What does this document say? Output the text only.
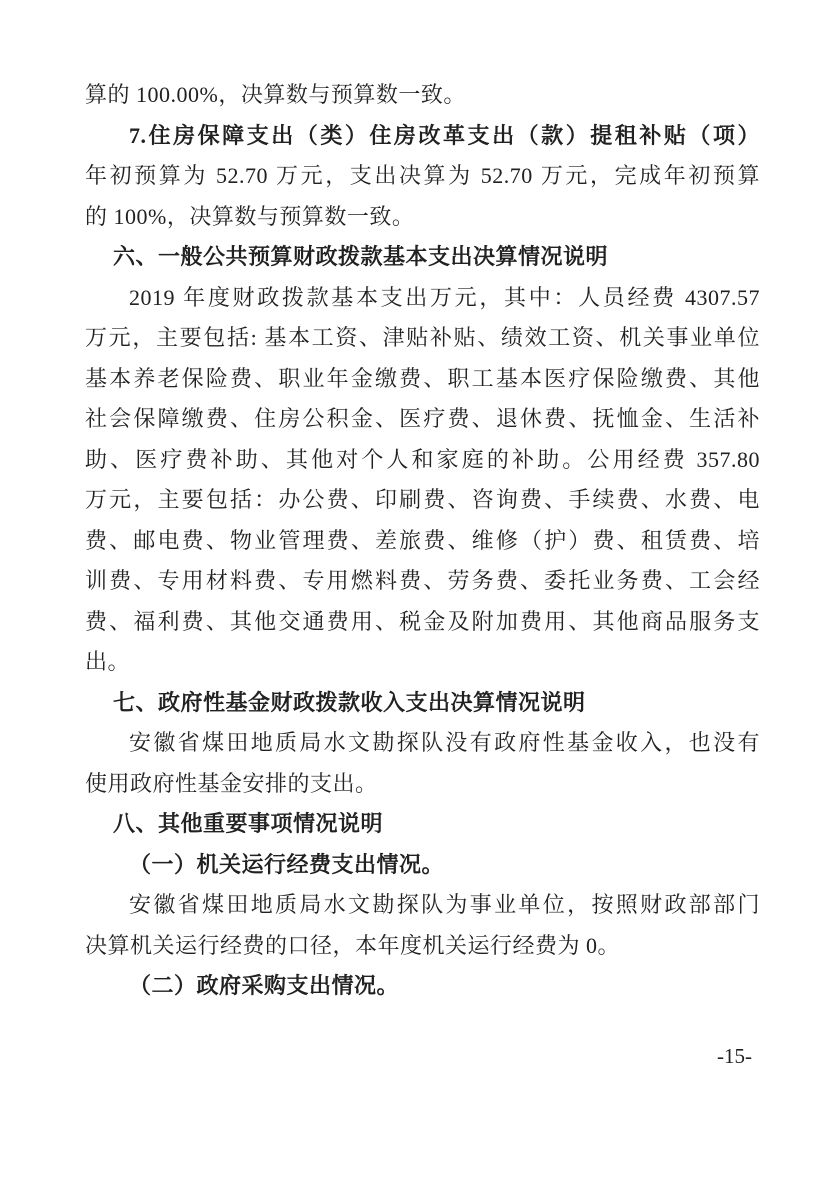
算的 100.00%，决算数与预算数一致。
7.住房保障支出（类）住房改革支出（款）提租补贴（项）
年初预算为 52.70 万元，支出决算为 52.70 万元，完成年初预算
的 100%，决算数与预算数一致。
六、一般公共预算财政拨款基本支出决算情况说明
2019 年度财政拨款基本支出万元，其中：人员经费 4307.57
万元，主要包括: 基本工资、津贴补贴、绩效工资、机关事业单位
基本养老保险费、职业年金缴费、职工基本医疗保险缴费、其他
社会保障缴费、住房公积金、医疗费、退休费、抚恤金、生活补
助、医疗费补助、其他对个人和家庭的补助。公用经费 357.80
万元，主要包括：办公费、印刷费、咨询费、手续费、水费、电
费、邮电费、物业管理费、差旅费、维修（护）费、租赁费、培
训费、专用材料费、专用燃料费、劳务费、委托业务费、工会经
费、福利费、其他交通费用、税金及附加费用、其他商品服务支
出。
七、政府性基金财政拨款收入支出决算情况说明
安徽省煤田地质局水文勘探队没有政府性基金收入，也没有
使用政府性基金安排的支出。
八、其他重要事项情况说明
（一）机关运行经费支出情况。
安徽省煤田地质局水文勘探队为事业单位，按照财政部部门
决算机关运行经费的口径，本年度机关运行经费为 0。
（二）政府采购支出情况。
-15-
